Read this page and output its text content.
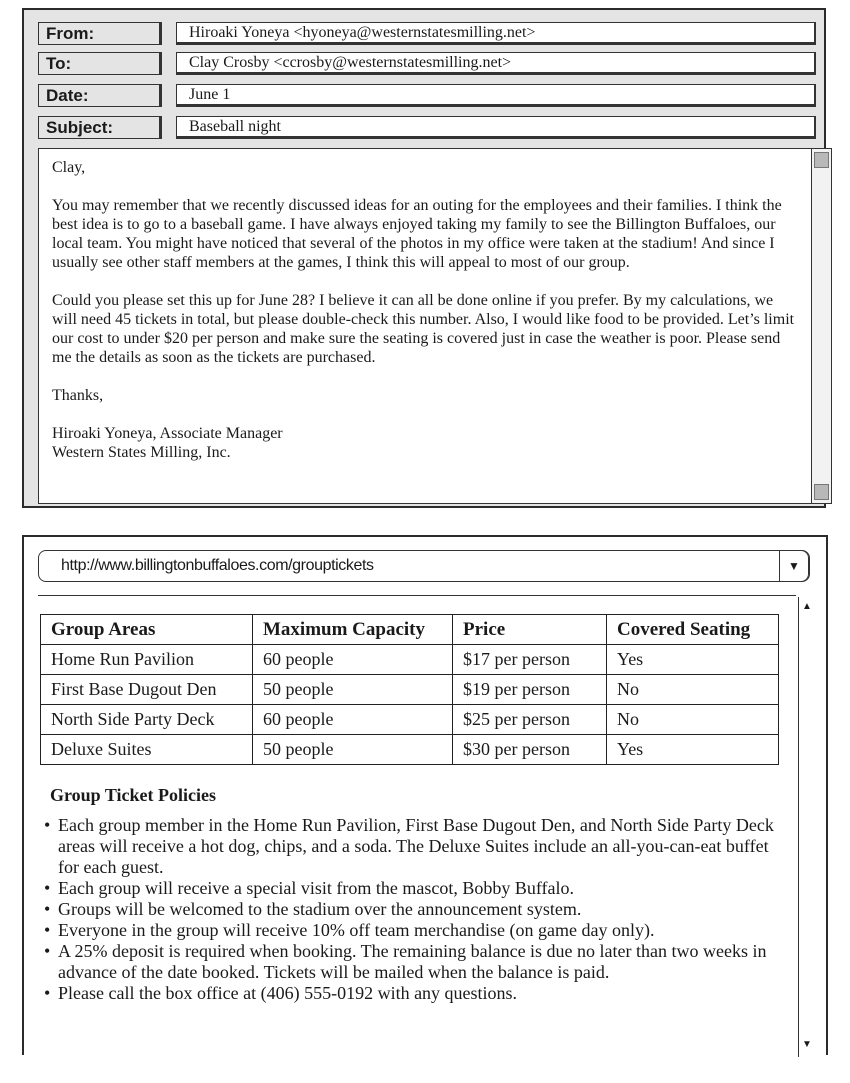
From:	Hiroaki Yoneya <hyoneya@westernstatesmilling.net>
To:	Clay Crosby <ccrosby@westernstatesmilling.net>
Date:	June 1
Subject:	Baseball night

Clay,

You may remember that we recently discussed ideas for an outing for the employees and their families. I think the best idea is to go to a baseball game. I have always enjoyed taking my family to see the Billington Buffaloes, our local team. You might have noticed that several of the photos in my office were taken at the stadium! And since I usually see other staff members at the games, I think this will appeal to most of our group.

Could you please set this up for June 28? I believe it can all be done online if you prefer. By my calculations, we will need 45 tickets in total, but please double-check this number. Also, I would like food to be provided. Let’s limit our cost to under $20 per person and make sure the seating is covered just in case the weather is poor. Please send me the details as soon as the tickets are purchased.

Thanks,

Hiroaki Yoneya, Associate Manager

Western States Milling, Inc.

http://www.billingtonbuffaloes.com/grouptickets	▼
▲
▼
Group Areas	Maximum Capacity	Price	Covered Seating
Home Run Pavilion	60 people	$17 per person	Yes
First Base Dugout Den	50 people	$19 per person	No
North Side Party Deck	60 people	$25 per person	No
Deluxe Suites	50 people	$30 per person	Yes
Group Ticket Policies
• Each group member in the Home Run Pavilion, First Base Dugout Den, and North Side Party Deck areas will receive a hot dog, chips, and a soda. The Deluxe Suites include an all-you-can-eat buffet for each guest.
• Each group will receive a special visit from the mascot, Bobby Buffalo.
• Groups will be welcomed to the stadium over the announcement system.
• Everyone in the group will receive 10% off team merchandise (on game day only).
• A 25% deposit is required when booking. The remaining balance is due no later than two weeks in advance of the date booked. Tickets will be mailed when the balance is paid.
• Please call the box office at (406) 555-0192 with any questions.
